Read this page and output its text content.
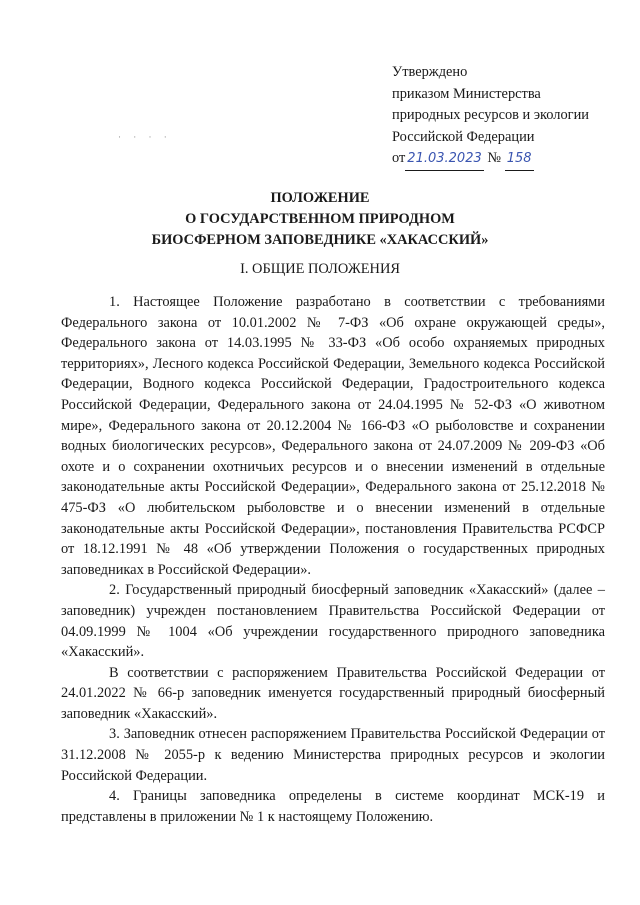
Утверждено
приказом Министерства
природных ресурсов и экологии
Российской Федерации
от 21.03.2023 № 158
· · · ·
ПОЛОЖЕНИЕ
О ГОСУДАРСТВЕННОМ ПРИРОДНОМ
БИОСФЕРНОМ ЗАПОВЕДНИКЕ «ХАКАССКИЙ»
I. ОБЩИЕ ПОЛОЖЕНИЯ

1. Настоящее Положение разработано в соответствии с требованиями Федерального закона от 10.01.2002 № 7-ФЗ «Об охране окружающей среды», Федерального закона от 14.03.1995 № 33-ФЗ «Об особо охраняемых природных территориях», Лесного кодекса Российской Федерации, Земельного кодекса Российской Федерации, Водного кодекса Российской Федерации, Градостроительного кодекса Российской Федерации, Федерального закона от 24.04.1995 № 52-ФЗ «О животном мире», Федерального закона от 20.12.2004 № 166-ФЗ «О рыболовстве и сохранении водных биологических ресурсов», Федерального закона от 24.07.2009 № 209-ФЗ «Об охоте и о сохранении охотничьих ресурсов и о внесении изменений в отдельные законодательные акты Российской Федерации», Федерального закона от 25.12.2018 № 475-ФЗ «О любительском рыболовстве и о внесении изменений в отдельные законодательные акты Российской Федерации», постановления Правительства РСФСР от 18.12.1991 № 48 «Об утверждении Положения о государственных природных заповедниках в Российской Федерации».

2. Государственный природный биосферный заповедник «Хакасский» (далее – заповедник) учрежден постановлением Правительства Российской Федерации от 04.09.1999 № 1004 «Об учреждении государственного природного заповедника «Хакасский».

В соответствии с распоряжением Правительства Российской Федерации от 24.01.2022 № 66-р заповедник именуется государственный природный биосферный заповедник «Хакасский».

3. Заповедник отнесен распоряжением Правительства Российской Федерации от 31.12.2008 № 2055-р к ведению Министерства природных ресурсов и экологии Российской Федерации.

4. Границы заповедника определены в системе координат МСК-19 и представлены в приложении № 1 к настоящему Положению.
